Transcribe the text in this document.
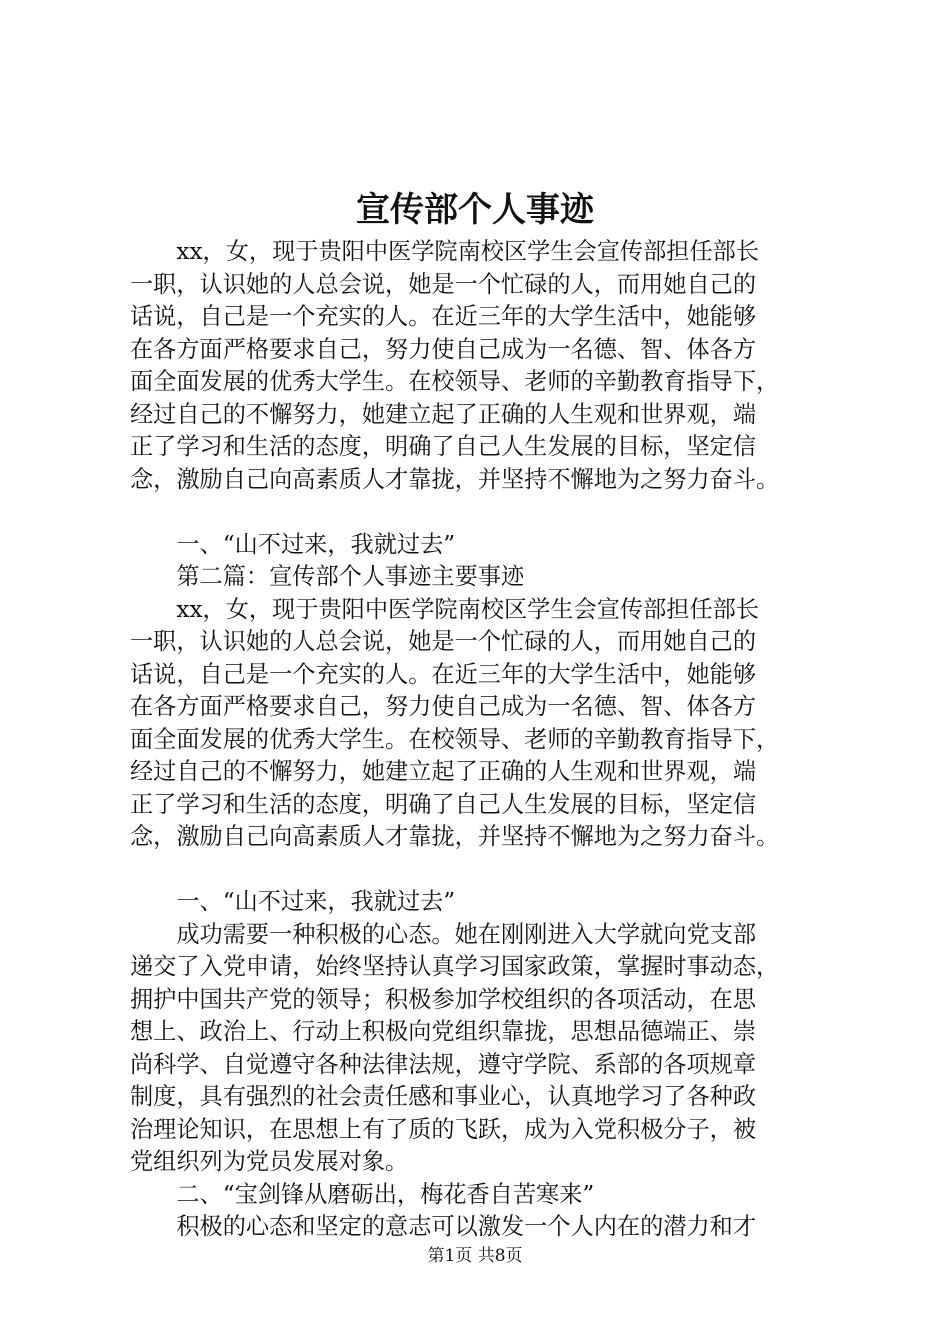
宣传部个人事迹
　　xx，女，现于贵阳中医学院南校区学生会宣传部担任部长
一职，认识她的人总会说，她是一个忙碌的人，而用她自己的
话说，自己是一个充实的人。在近三年的大学生活中，她能够
在各方面严格要求自己，努力使自己成为一名德、智、体各方
面全面发展的优秀大学生。在校领导、老师的辛勤教育指导下，
经过自己的不懈努力，她建立起了正确的人生观和世界观，端
正了学习和生活的态度，明确了自己人生发展的目标，坚定信
念，激励自己向高素质人才靠拢，并坚持不懈地为之努力奋斗。
　　一、“山不过来，我就过去”
　　第二篇：宣传部个人事迹主要事迹
　　xx，女，现于贵阳中医学院南校区学生会宣传部担任部长
一职，认识她的人总会说，她是一个忙碌的人，而用她自己的
话说，自己是一个充实的人。在近三年的大学生活中，她能够
在各方面严格要求自己，努力使自己成为一名德、智、体各方
面全面发展的优秀大学生。在校领导、老师的辛勤教育指导下，
经过自己的不懈努力，她建立起了正确的人生观和世界观，端
正了学习和生活的态度，明确了自己人生发展的目标，坚定信
念，激励自己向高素质人才靠拢，并坚持不懈地为之努力奋斗。
　　一、“山不过来，我就过去”
　　成功需要一种积极的心态。她在刚刚进入大学就向党支部
递交了入党申请，始终坚持认真学习国家政策，掌握时事动态，
拥护中国共产党的领导；积极参加学校组织的各项活动，在思
想上、政治上、行动上积极向党组织靠拢，思想品德端正、崇
尚科学、自觉遵守各种法律法规，遵守学院、系部的各项规章
制度，具有强烈的社会责任感和事业心，认真地学习了各种政
治理论知识，在思想上有了质的飞跃，成为入党积极分子，被
党组织列为党员发展对象。
　　二、“宝剑锋从磨砺出，梅花香自苦寒来”
　　积极的心态和坚定的意志可以激发一个人内在的潜力和才
第1页 共8页
